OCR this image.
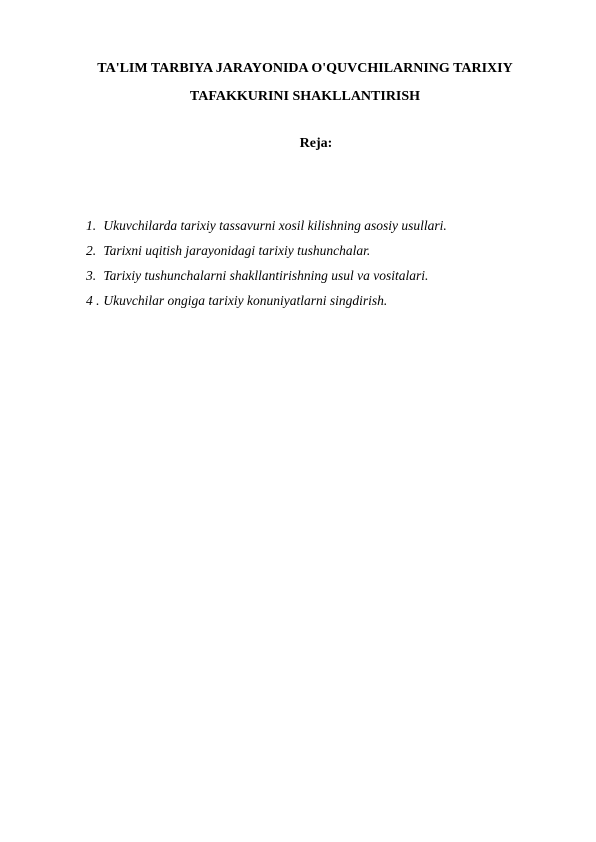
TA'LIM TARBIYA JARAYONIDA O'QUVCHILARNING TARIXIY
TAFAKKURINI SHAKLLANTIRISH
Reja:
1. Ukuvchilarda tarixiy tassavurni xosil kilishning asosiy usullari.
2. Tarixni uqitish jarayonidagi tarixiy tushunchalar.
3. Tarixiy tushunchalarni shakllantirishning usul va vositalari.
4 . Ukuvchilar ongiga tarixiy konuniyatlarni singdirish.
